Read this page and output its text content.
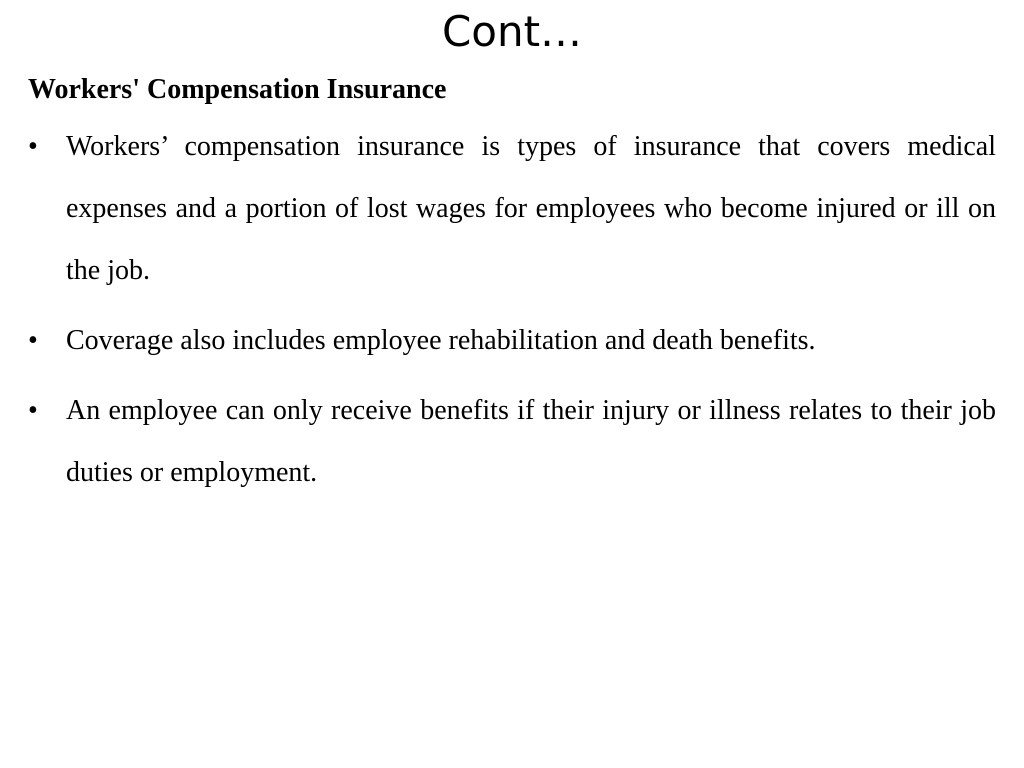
Cont…
Workers' Compensation Insurance
• Workers’ compensation insurance is types of insurance that covers medical expenses and a portion of lost wages for employees who become injured or ill on the job.
• Coverage also includes employee rehabilitation and death benefits.
• An employee can only receive benefits if their injury or illness relates to their job duties or employment.
